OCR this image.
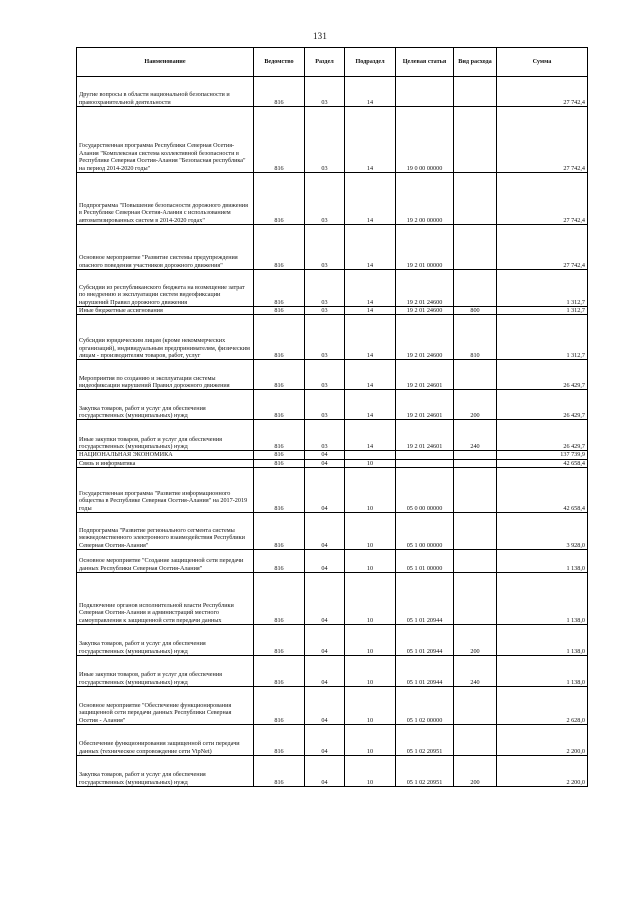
131
Наименование	Ведомство	Раздел	Подраздел	Целевая статья	Вид расхода	Сумма
Другие вопросы в области национальной безопасности и правоохранительной деятельности	816	03	14			27 742,4
Государственная программа Республики Северная Осетия-Алания "Комплексная система коллективной безопасности в Республике Северная Осетия-Алания "Безопасная республика" на период 2014-2020 годы"	816	03	14	19 0 00 00000		27 742,4
Подпрограмма "Повышение безопасности дорожного движения в Республике Северная Осетия-Алания с использованием автоматизированных систем в 2014-2020 годах"	816	03	14	19 2 00 00000		27 742,4
Основное мероприятие "Развитие системы предупреждения опасного поведения участников дорожного движения"	816	03	14	19 2 01 00000		27 742,4
Субсидии из республиканского бюджета на возмещение затрат по внедрению и эксплуатации систем видеофиксации нарушений Правил дорожного движения	816	03	14	19 2 01 24600		1 312,7
Иные бюджетные ассигнования	816	03	14	19 2 01 24600	800	1 312,7
Субсидии юридическим лицам (кроме некоммерческих организаций), индивидуальным предпринимателям, физическим лицам - производителям товаров, работ, услуг	816	03	14	19 2 01 24600	810	1 312,7
Мероприятия по созданию и эксплуатации системы видеофиксации нарушений Правил дорожного движения	816	03	14	19 2 01 24601		26 429,7
Закупка товаров, работ и услуг для обеспечения государственных (муниципальных) нужд	816	03	14	19 2 01 24601	200	26 429,7
Иные закупки товаров, работ и услуг для обеспечения государственных (муниципальных) нужд	816	03	14	19 2 01 24601	240	26 429,7
НАЦИОНАЛЬНАЯ ЭКОНОМИКА	816	04				137 739,9
Связь и информатика	816	04	10			42 658,4
Государственная программа "Развитие информационного общества в Республике Северная Осетия-Алания" на 2017-2019 годы	816	04	10	05 0 00 00000		42 658,4
Подпрограмма "Развитие регионального сегмента системы межведомственного электронного взаимодействия Республики Северная Осетия-Алания"	816	04	10	05 1 00 00000		3 928,0
Основное мероприятие "Создание защищенной сети передачи данных Республики Северная Осетия-Алания"	816	04	10	05 1 01 00000		1 138,0
Подключение органов исполнительной власти Республики Северная Осетия-Алания и администраций местного самоуправления к защищенной сети передачи данных	816	04	10	05 1 01 20944		1 138,0
Закупка товаров, работ и услуг для обеспечения государственных (муниципальных) нужд	816	04	10	05 1 01 20944	200	1 138,0
Иные закупки товаров, работ и услуг для обеспечения государственных (муниципальных) нужд	816	04	10	05 1 01 20944	240	1 138,0
Основное мероприятие "Обеспечение функционирования защищенной сети передачи данных Республики Северная Осетия - Алания"	816	04	10	05 1 02 00000		2 628,0
Обеспечение функционирования защищенной сети передачи данных (техническое сопровождение сети VipNet)	816	04	10	05 1 02 20951		2 200,0
Закупка товаров, работ и услуг для обеспечения государственных (муниципальных) нужд	816	04	10	05 1 02 20951	200	2 200,0
